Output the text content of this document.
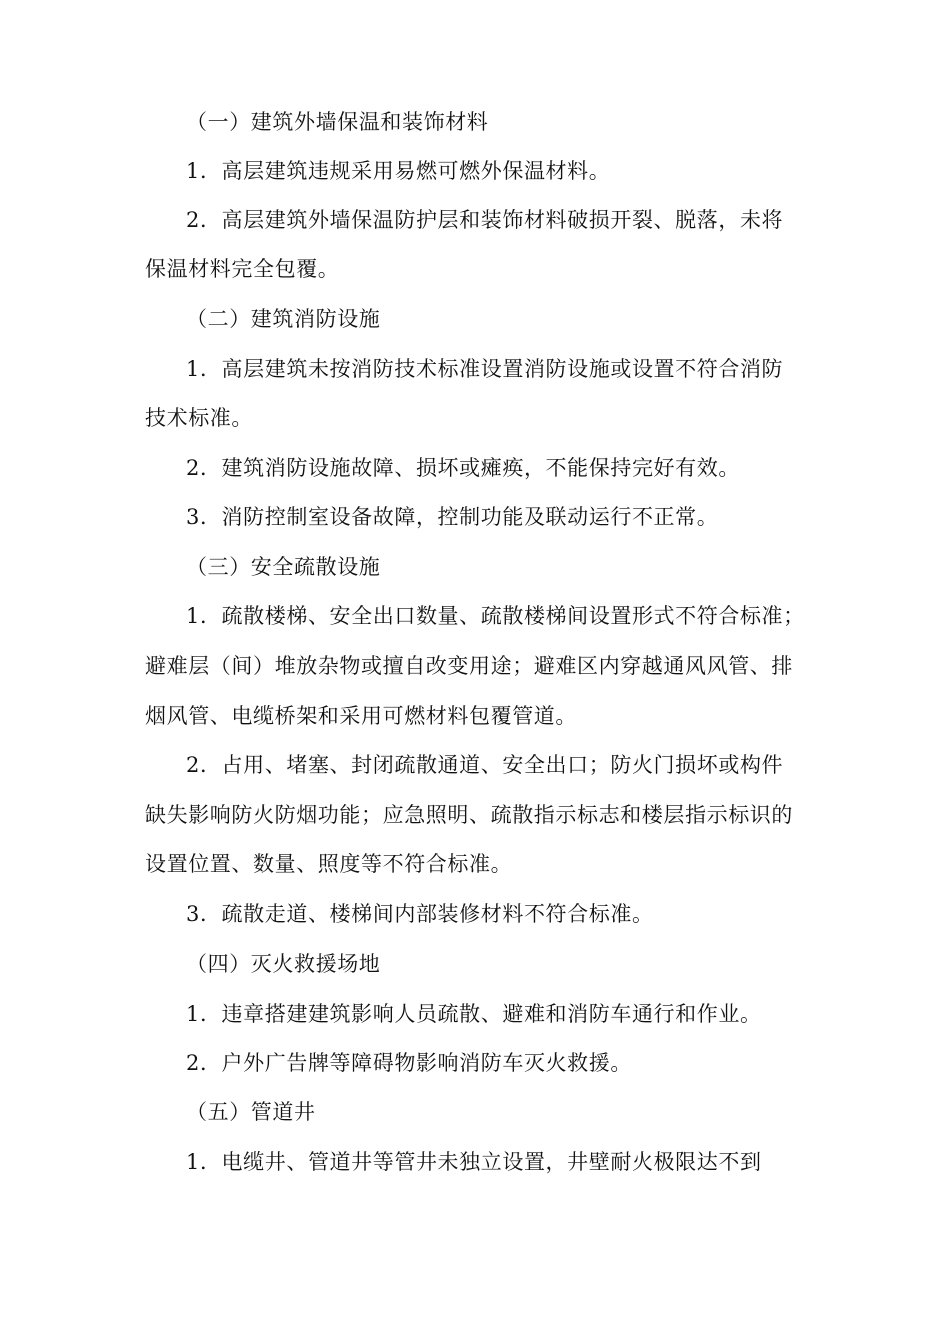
（一）建筑外墙保温和装饰材料
1．高层建筑违规采用易燃可燃外保温材料。
2．高层建筑外墙保温防护层和装饰材料破损开裂、脱落，未将
保温材料完全包覆。
（二）建筑消防设施
1．高层建筑未按消防技术标准设置消防设施或设置不符合消防
技术标准。
2．建筑消防设施故障、损坏或瘫痪，不能保持完好有效。
3．消防控制室设备故障，控制功能及联动运行不正常。
（三）安全疏散设施
1．疏散楼梯、安全出口数量、疏散楼梯间设置形式不符合标准；
避难层（间）堆放杂物或擅自改变用途；避难区内穿越通风风管、排
烟风管、电缆桥架和采用可燃材料包覆管道。
2．占用、堵塞、封闭疏散通道、安全出口；防火门损坏或构件
缺失影响防火防烟功能；应急照明、疏散指示标志和楼层指示标识的
设置位置、数量、照度等不符合标准。
3．疏散走道、楼梯间内部装修材料不符合标准。
（四）灭火救援场地
1．违章搭建建筑影响人员疏散、避难和消防车通行和作业。
2．户外广告牌等障碍物影响消防车灭火救援。
（五）管道井
1．电缆井、管道井等管井未独立设置，井壁耐火极限达不到
